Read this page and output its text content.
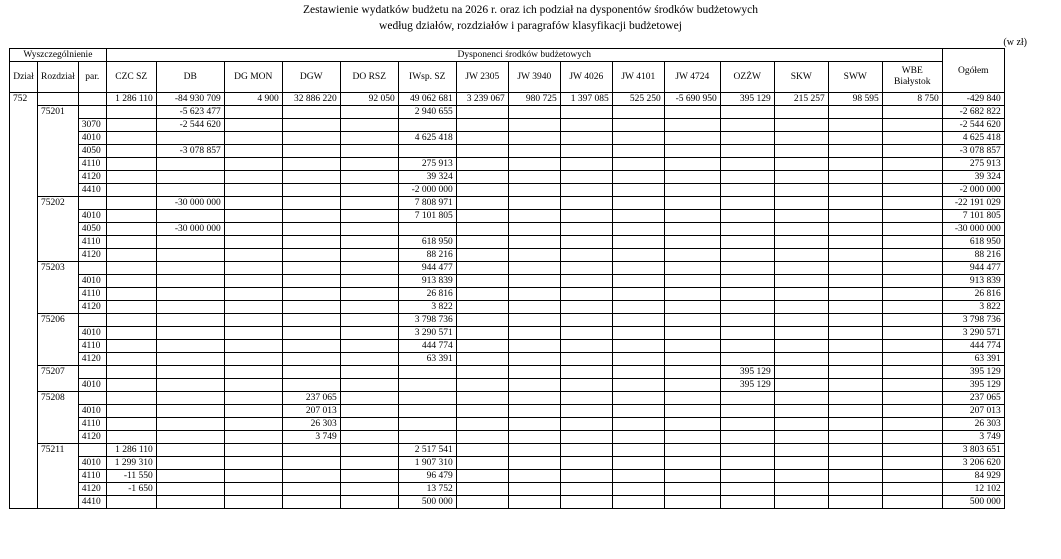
Zestawienie wydatków budżetu na 2026 r. oraz ich podział na dysponentów środków budżetowych
według działów, rozdziałów i paragrafów klasyfikacji budżetowej
(w zł)
Wyszczególnienie			Dysponenci środków budżetowych															Ogółem
Dział	Rozdział	par.	CZC SZ	DB	DG MON	DGW	DO RSZ	IWsp. SZ	JW 2305	JW 3940	JW 4026	JW 4101	JW 4724	OZŻW	SKW	SWW	WBE Białystok	
752			1 286 110	-84 930 709	4 900	32 886 220	92 050	49 062 681	3 239 067	980 725	1 397 085	525 250	-5 690 950	395 129	215 257	98 595	8 750	-429 840
	75201			-5 623 477				2 940 655										-2 682 822
		3070		-2 544 620														-2 544 620
		4010						4 625 418										4 625 418
		4050		-3 078 857														-3 078 857
		4110						275 913										275 913
		4120						39 324										39 324
		4410						-2 000 000										-2 000 000
	75202			-30 000 000				7 808 971										-22 191 029
		4010						7 101 805										7 101 805
		4050		-30 000 000														-30 000 000
		4110						618 950										618 950
		4120						88 216										88 216
	75203							944 477										944 477
		4010						913 839										913 839
		4110						26 816										26 816
		4120						3 822										3 822
	75206							3 798 736										3 798 736
		4010						3 290 571										3 290 571
		4110						444 774										444 774
		4120						63 391										63 391
	75207													395 129				395 129
		4010												395 129				395 129
	75208					237 065												237 065
		4010				207 013												207 013
		4110				26 303												26 303
		4120				3 749												3 749
	75211		1 286 110					2 517 541										3 803 651
		4010	1 299 310					1 907 310										3 206 620
		4110	-11 550					96 479										84 929
		4120	-1 650					13 752										12 102
		4410						500 000										500 000
